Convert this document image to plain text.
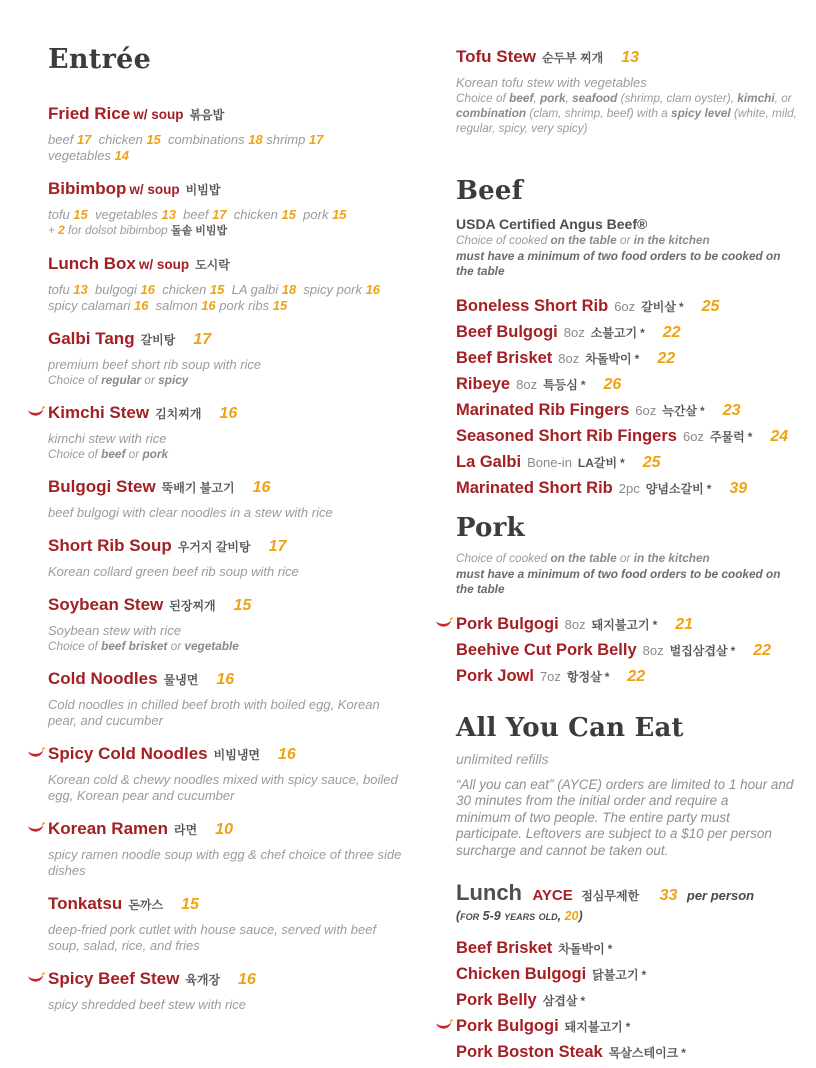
Entrée
Fried Rice w/ soup 볶음밥
beef 17  chicken 15  combinations 18 shrimp 17
vegetables 14
Bibimbop w/ soup 비빔밥
tofu 15  vegetables 13  beef 17  chicken 15  pork 15
+ 2 for dolsot bibimbop 돌솥 비빔밥
Lunch Box w/ soup 도시락
tofu 13  bulgogi 16  chicken 15  LA galbi 18  spicy pork 16
spicy calamari 16  salmon 16 pork ribs 15
Galbi Tang 갈비탕 17
premium beef short rib soup with rice
Choice of regular or spicy
Kimchi Stew 김치찌개 16
kimchi stew with rice
Choice of beef or pork
Bulgogi Stew 뚝배기 불고기 16
beef bulgogi with clear noodles in a stew with rice
Short Rib Soup 우거지 갈비탕 17
Korean collard green beef rib soup with rice
Soybean Stew 된장찌개 15
Soybean stew with rice
Choice of beef brisket or vegetable
Cold Noodles 물냉면 16
Cold noodles in chilled beef broth with boiled egg, Korean
pear, and cucumber
Spicy Cold Noodles 비빔냉면 16
Korean cold & chewy noodles mixed with spicy sauce, boiled
egg, Korean pear and cucumber
Korean Ramen 라면 10
spicy ramen noodle soup with egg & chef choice of three side
dishes
Tonkatsu 돈까스 15
deep-fried pork cutlet with house sauce, served with beef
soup, salad, rice, and fries
Spicy Beef Stew 육개장 16
spicy shredded beef stew with rice
Tofu Stew 순두부 찌개 13
Korean tofu stew with vegetables
Choice of beef, pork, seafood (shrimp, clam oyster), kimchi, or
combination (clam, shrimp, beef) with a spicy level (white, mild,
regular, spicy, very spicy)
Beef
USDA Certified Angus Beef®
Choice of cooked on the table or in the kitchen
must have a minimum of two food orders to be cooked on the table
Boneless Short Rib 6oz 갈비살 * 25
Beef Bulgogi 8oz 소불고기 * 22
Beef Brisket 8oz 차돌박이 * 22
Ribeye 8oz 특등심 * 26
Marinated Rib Fingers 6oz 늑간살 * 23
Seasoned Short Rib Fingers 6oz 주물럭 * 24
La Galbi Bone-in LA갈비 * 25
Marinated Short Rib 2pc 양념소갈비 * 39
Pork
Choice of cooked on the table or in the kitchen
must have a minimum of two food orders to be cooked on the table
Pork Bulgogi 8oz 돼지불고기 * 21
Beehive Cut Pork Belly 8oz 벌집삼겹살 * 22
Pork Jowl 7oz 항정살 * 22
All You Can Eat
unlimited refills
“All you can eat” (AYCE) orders are limited to 1 hour and
30 minutes from the initial order and require a
minimum of two people. The entire party must
participate. Leftovers are subject to a $10 per person
surcharge and cannot be taken out.
Lunch AYCE 점심무제한 33 per person
(for 5-9 years old, 20)
Beef Brisket 차돌박이 *
Chicken Bulgogi 닭불고기 *
Pork Belly 삼겹살 *
Pork Bulgogi 돼지불고기 *
Pork Boston Steak 목살스테이크 *
